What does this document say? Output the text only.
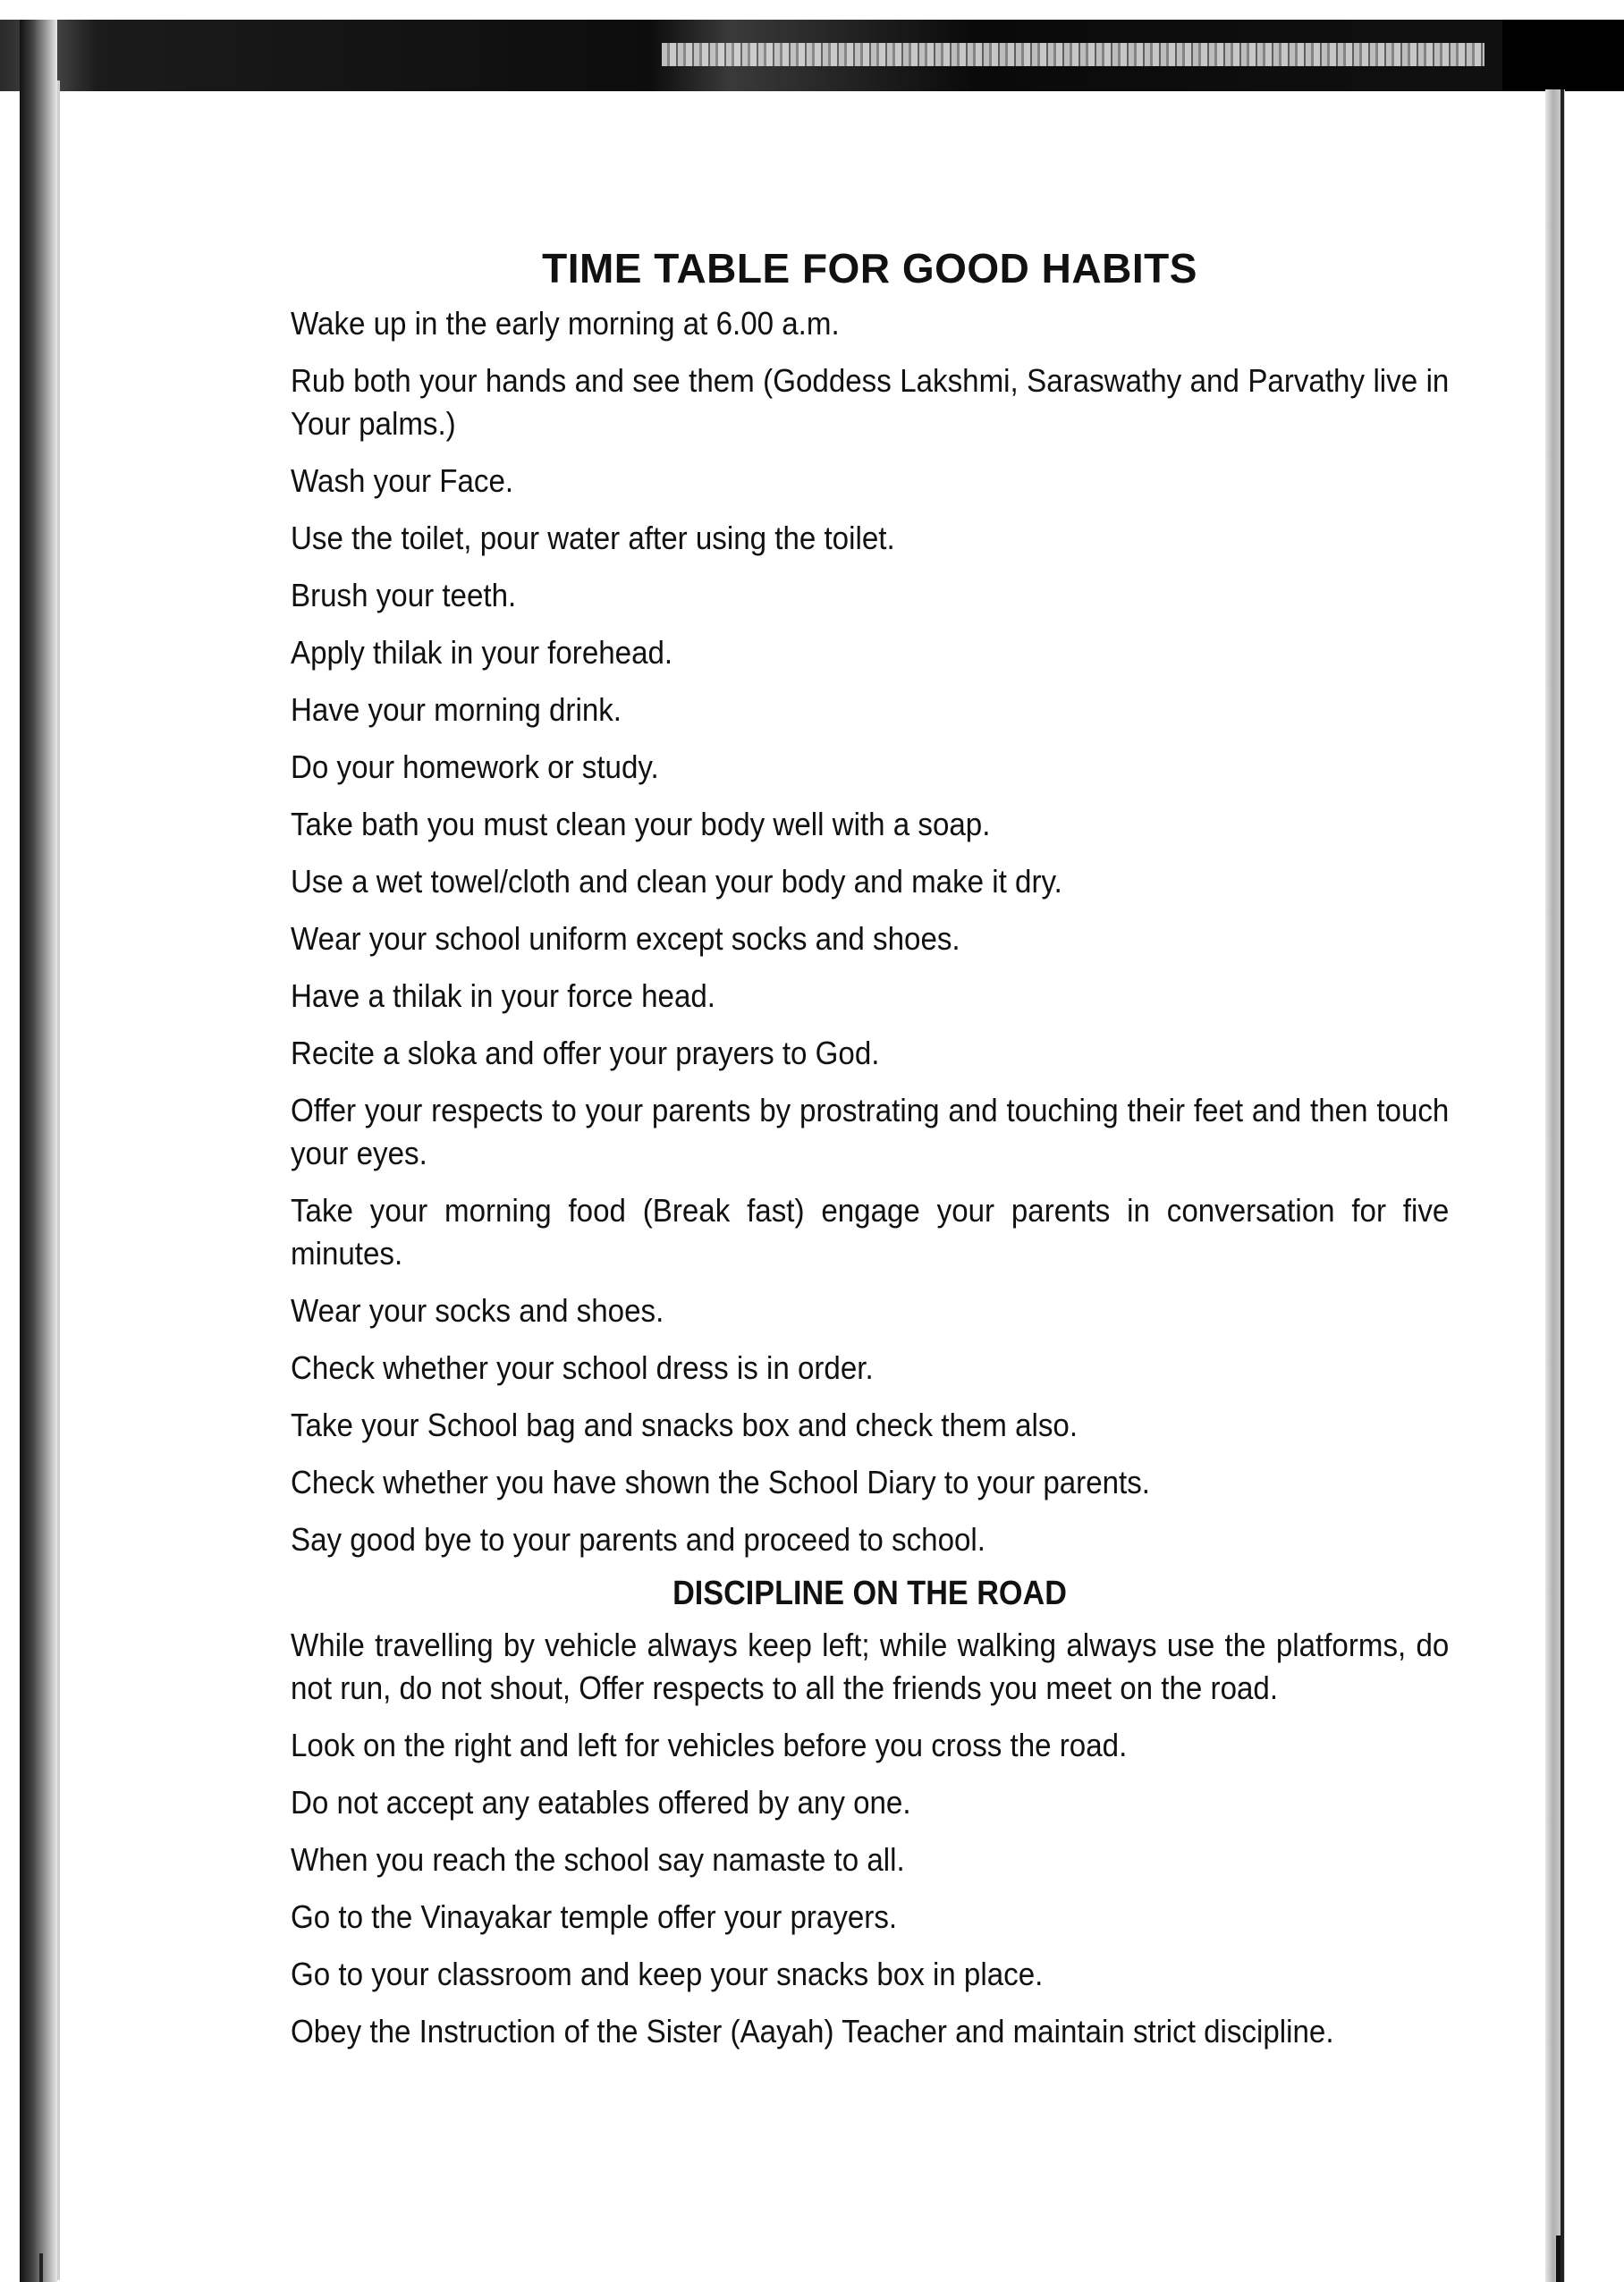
TIME TABLE FOR GOOD HABITS
Wake up in the early morning at 6.00 a.m.
Rub both your hands and see them (Goddess Lakshmi, Saraswathy and Parvathy live in Your palms.)
Wash your Face.
Use the toilet, pour water after using the toilet.
Brush your teeth.
Apply thilak in your forehead.
Have your morning drink.
Do your homework or study.
Take bath you must clean your body well with a soap.
Use a wet towel/cloth and clean your body and make it dry.
Wear your school uniform except socks and shoes.
Have a thilak in your force head.
Recite a sloka and offer your prayers to God.
Offer your respects to your parents by prostrating and touching their feet and then touch your eyes.
Take your morning food (Break fast) engage your parents in conversation for five minutes.
Wear your socks and shoes.
Check whether your school dress is in order.
Take your School bag and snacks box and check them also.
Check whether you have shown the School Diary to your parents.
Say good bye to your parents and proceed to school.
DISCIPLINE ON THE ROAD
While travelling by vehicle always keep left; while walking always use the platforms, do not run, do not shout, Offer respects to all the friends you meet on the road.
Look on the right and left for vehicles before you cross the road.
Do not accept any eatables offered by any one.
When you reach the school say namaste to all.
Go to the Vinayakar temple offer your prayers.
Go to your classroom and keep your snacks box in place.
Obey the Instruction of the Sister (Aayah) Teacher and maintain strict discipline.
